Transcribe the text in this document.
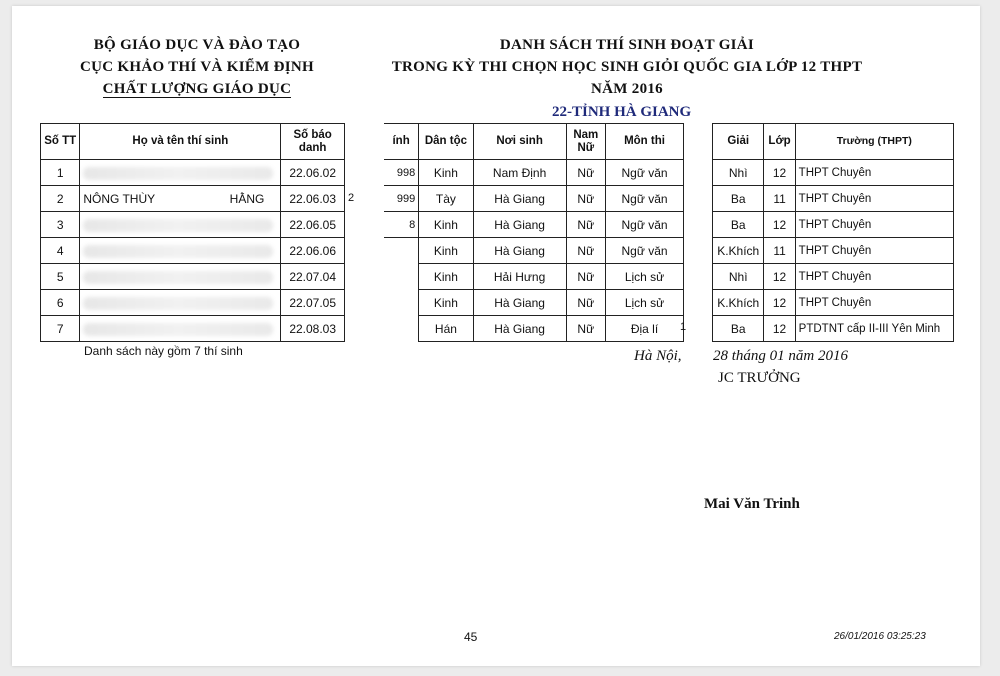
BỘ GIÁO DỤC VÀ ĐÀO TẠO
CỤC KHẢO THÍ VÀ KIỂM ĐỊNH
CHẤT LƯỢNG GIÁO DỤC
DANH SÁCH THÍ SINH ĐOẠT GIẢI
TRONG KỲ THI CHỌN HỌC SINH GIỎI QUỐC GIA LỚP 12 THPT
NĂM 2016
22-TỈNH HÀ GIANG
Số TT	Họ và tên thí sinh	Số báo danh
1		22.06.02
2	NÔNG THÙY HẰNG	22.06.03
3		22.06.05
4		22.06.06
5		22.07.04
6		22.07.05
7		22.08.03
Danh sách này gồm 7 thí sinh
ính	Dân tộc	Nơi sinh	Nam Nữ	Môn thi
998	Kinh	Nam Định	Nữ	Ngữ văn
999	Tày	Hà Giang	Nữ	Ngữ văn
8	Kinh	Hà Giang	Nữ	Ngữ văn
	Kinh	Hà Giang	Nữ	Ngữ văn
	Kinh	Hải Hưng	Nữ	Lịch sử
	Kinh	Hà Giang	Nữ	Lịch sử
	Hán	Hà Giang	Nữ	Địa lí
2
1
Giải	Lớp	Trường (THPT)
Nhì	12	THPT Chuyên
Ba	11	THPT Chuyên
Ba	12	THPT Chuyên
K.Khích	11	THPT Chuyên
Nhì	12	THPT Chuyên
K.Khích	12	THPT Chuyên
Ba	12	PTDTNT cấp II-III Yên Minh
Hà Nội, 28 tháng 01 năm 2016
JC TRƯỞNG
Mai Văn Trinh
45	26/01/2016 03:25:23
